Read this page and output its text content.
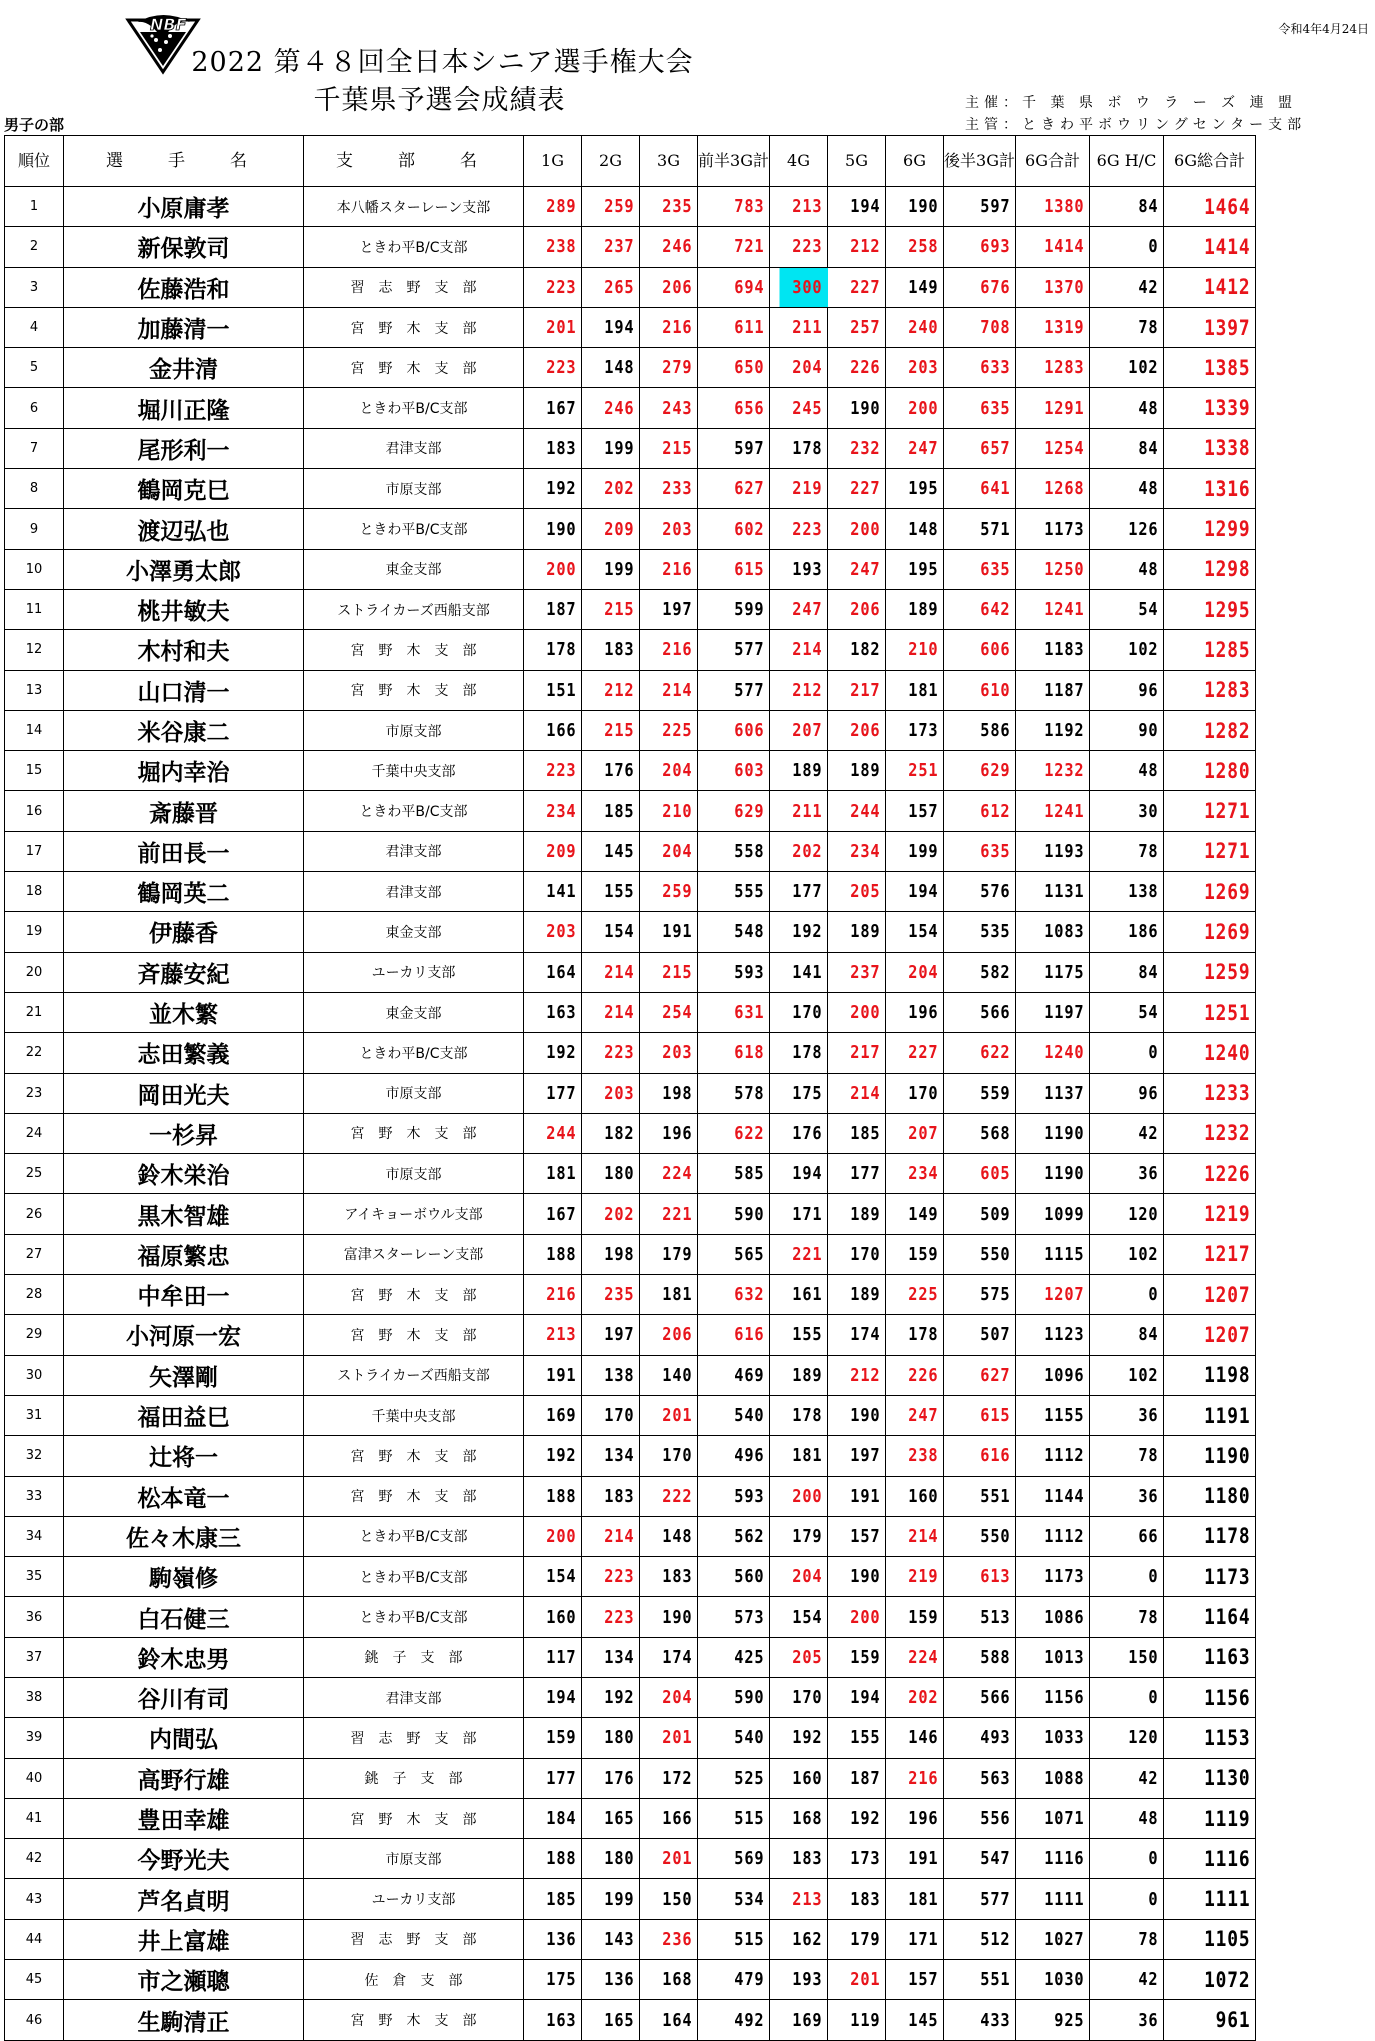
NBF
2022 第４８回全日本シニア選手権大会
千葉県予選会成績表
令和4年4月24日
主催：千 葉 県 ボ ウ ラ ー ズ 連 盟
主管：ときわ平ボウリングセンター支部
男子の部
順位	選　手　名	支　部　名	1G	2G	3G	前半3G計	4G	5G	6G	後半3G計	6G合計	6G H/C	6G総合計
1	小原庸孝	本八幡スターレーン支部	289	259	235	783	213	194	190	597	1380	84	1464
2	新保敦司	ときわ平B/C支部	238	237	246	721	223	212	258	693	1414	0	1414
3	佐藤浩和	習　志　野　支　部	223	265	206	694	300	227	149	676	1370	42	1412
4	加藤清一	宮　野　木　支　部	201	194	216	611	211	257	240	708	1319	78	1397
5	金井清	宮　野　木　支　部	223	148	279	650	204	226	203	633	1283	102	1385
6	堀川正隆	ときわ平B/C支部	167	246	243	656	245	190	200	635	1291	48	1339
7	尾形利一	君津支部	183	199	215	597	178	232	247	657	1254	84	1338
8	鶴岡克巳	市原支部	192	202	233	627	219	227	195	641	1268	48	1316
9	渡辺弘也	ときわ平B/C支部	190	209	203	602	223	200	148	571	1173	126	1299
10	小澤勇太郎	東金支部	200	199	216	615	193	247	195	635	1250	48	1298
11	桃井敏夫	ストライカーズ西船支部	187	215	197	599	247	206	189	642	1241	54	1295
12	木村和夫	宮　野　木　支　部	178	183	216	577	214	182	210	606	1183	102	1285
13	山口清一	宮　野　木　支　部	151	212	214	577	212	217	181	610	1187	96	1283
14	米谷康二	市原支部	166	215	225	606	207	206	173	586	1192	90	1282
15	堀内幸治	千葉中央支部	223	176	204	603	189	189	251	629	1232	48	1280
16	斎藤晋	ときわ平B/C支部	234	185	210	629	211	244	157	612	1241	30	1271
17	前田長一	君津支部	209	145	204	558	202	234	199	635	1193	78	1271
18	鶴岡英二	君津支部	141	155	259	555	177	205	194	576	1131	138	1269
19	伊藤香	東金支部	203	154	191	548	192	189	154	535	1083	186	1269
20	斉藤安紀	ユーカリ支部	164	214	215	593	141	237	204	582	1175	84	1259
21	並木繁	東金支部	163	214	254	631	170	200	196	566	1197	54	1251
22	志田繁義	ときわ平B/C支部	192	223	203	618	178	217	227	622	1240	0	1240
23	岡田光夫	市原支部	177	203	198	578	175	214	170	559	1137	96	1233
24	一杉昇	宮　野　木　支　部	244	182	196	622	176	185	207	568	1190	42	1232
25	鈴木栄治	市原支部	181	180	224	585	194	177	234	605	1190	36	1226
26	黒木智雄	アイキョーボウル支部	167	202	221	590	171	189	149	509	1099	120	1219
27	福原繁忠	富津スターレーン支部	188	198	179	565	221	170	159	550	1115	102	1217
28	中牟田一	宮　野　木　支　部	216	235	181	632	161	189	225	575	1207	0	1207
29	小河原一宏	宮　野　木　支　部	213	197	206	616	155	174	178	507	1123	84	1207
30	矢澤剛	ストライカーズ西船支部	191	138	140	469	189	212	226	627	1096	102	1198
31	福田益巳	千葉中央支部	169	170	201	540	178	190	247	615	1155	36	1191
32	辻将一	宮　野　木　支　部	192	134	170	496	181	197	238	616	1112	78	1190
33	松本竜一	宮　野　木　支　部	188	183	222	593	200	191	160	551	1144	36	1180
34	佐々木康三	ときわ平B/C支部	200	214	148	562	179	157	214	550	1112	66	1178
35	駒嶺修	ときわ平B/C支部	154	223	183	560	204	190	219	613	1173	0	1173
36	白石健三	ときわ平B/C支部	160	223	190	573	154	200	159	513	1086	78	1164
37	鈴木忠男	銚　子　支　部	117	134	174	425	205	159	224	588	1013	150	1163
38	谷川有司	君津支部	194	192	204	590	170	194	202	566	1156	0	1156
39	内間弘	習　志　野　支　部	159	180	201	540	192	155	146	493	1033	120	1153
40	高野行雄	銚　子　支　部	177	176	172	525	160	187	216	563	1088	42	1130
41	豊田幸雄	宮　野　木　支　部	184	165	166	515	168	192	196	556	1071	48	1119
42	今野光夫	市原支部	188	180	201	569	183	173	191	547	1116	0	1116
43	芦名貞明	ユーカリ支部	185	199	150	534	213	183	181	577	1111	0	1111
44	井上富雄	習　志　野　支　部	136	143	236	515	162	179	171	512	1027	78	1105
45	市之瀬聰	佐　倉　支　部	175	136	168	479	193	201	157	551	1030	42	1072
46	生駒清正	宮　野　木　支　部	163	165	164	492	169	119	145	433	925	36	961
